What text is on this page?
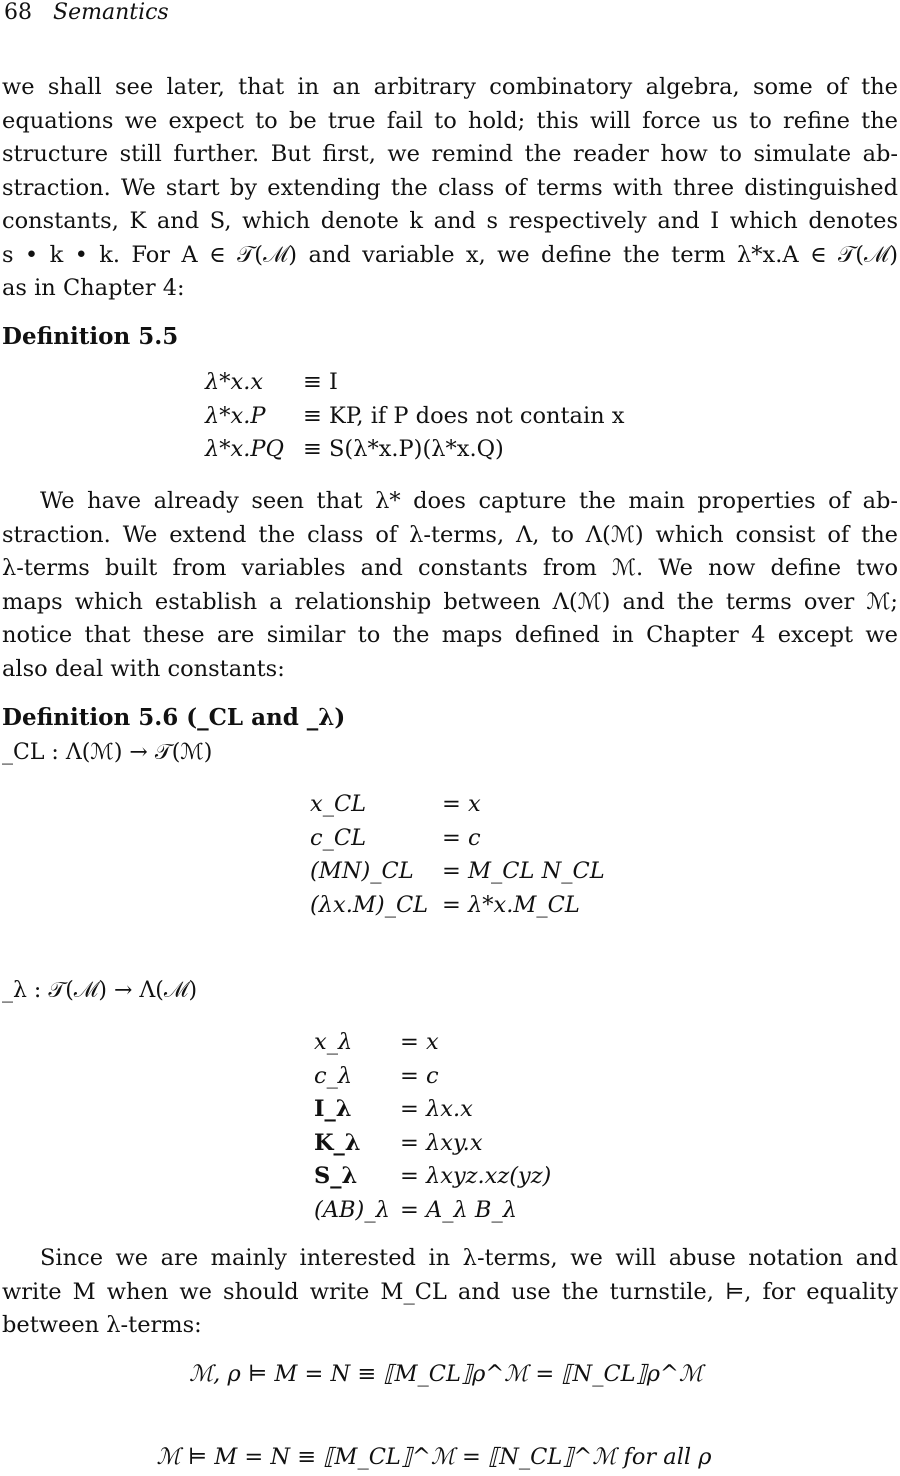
68 Semantics
we shall see later, that in an arbitrary combinatory algebra, some of the
equations we expect to be true fail to hold; this will force us to refine the
structure still further. But first, we remind the reader how to simulate ab-
straction. We start by extending the class of terms with three distinguished
constants, K and S, which denote k and s respectively and I which denotes
s • k • k. For A ∈ 𝒯(ℳ) and variable x, we define the term λ*x.A ∈ 𝒯(ℳ)
as in Chapter 4:
Definition 5.5
λ*x.x	≡ I
λ*x.P	≡ KP, if P does not contain x
λ*x.PQ ≡ S(λ*x.P)(λ*x.Q)
We have already seen that λ* does capture the main properties of ab-
straction. We extend the class of λ-terms, Λ, to Λ(ℳ) which consist of the
λ-terms built from variables and constants from ℳ. We now define two
maps which establish a relationship between Λ(ℳ) and the terms over ℳ;
notice that these are similar to the maps defined in Chapter 4 except we
also deal with constants:
Definition 5.6 (_CL and _λ)
_CL : Λ(ℳ) → 𝒯(ℳ)
x_CL	= x
c_CL	= c
(MN)_CL	= M_CL N_CL
(λx.M)_CL = λ*x.M_CL
_λ : 𝒯(ℳ) → Λ(ℳ)
x_λ	= x
c_λ	= c
I_λ	= λx.x
K_λ	= λxy.x
S_λ	= λxyz.xz(yz)
(AB)_λ = A_λ B_λ
Since we are mainly interested in λ-terms, we will abuse notation and
write M when we should write M_CL and use the turnstile, ⊨, for equality
between λ-terms:
ℳ, ρ ⊨ M = N ≡ ⟦M_CL⟧ρ^ℳ = ⟦N_CL⟧ρ^ℳ
ℳ ⊨ M = N ≡ ⟦M_CL⟧^ℳ = ⟦N_CL⟧^ℳ for all ρ
